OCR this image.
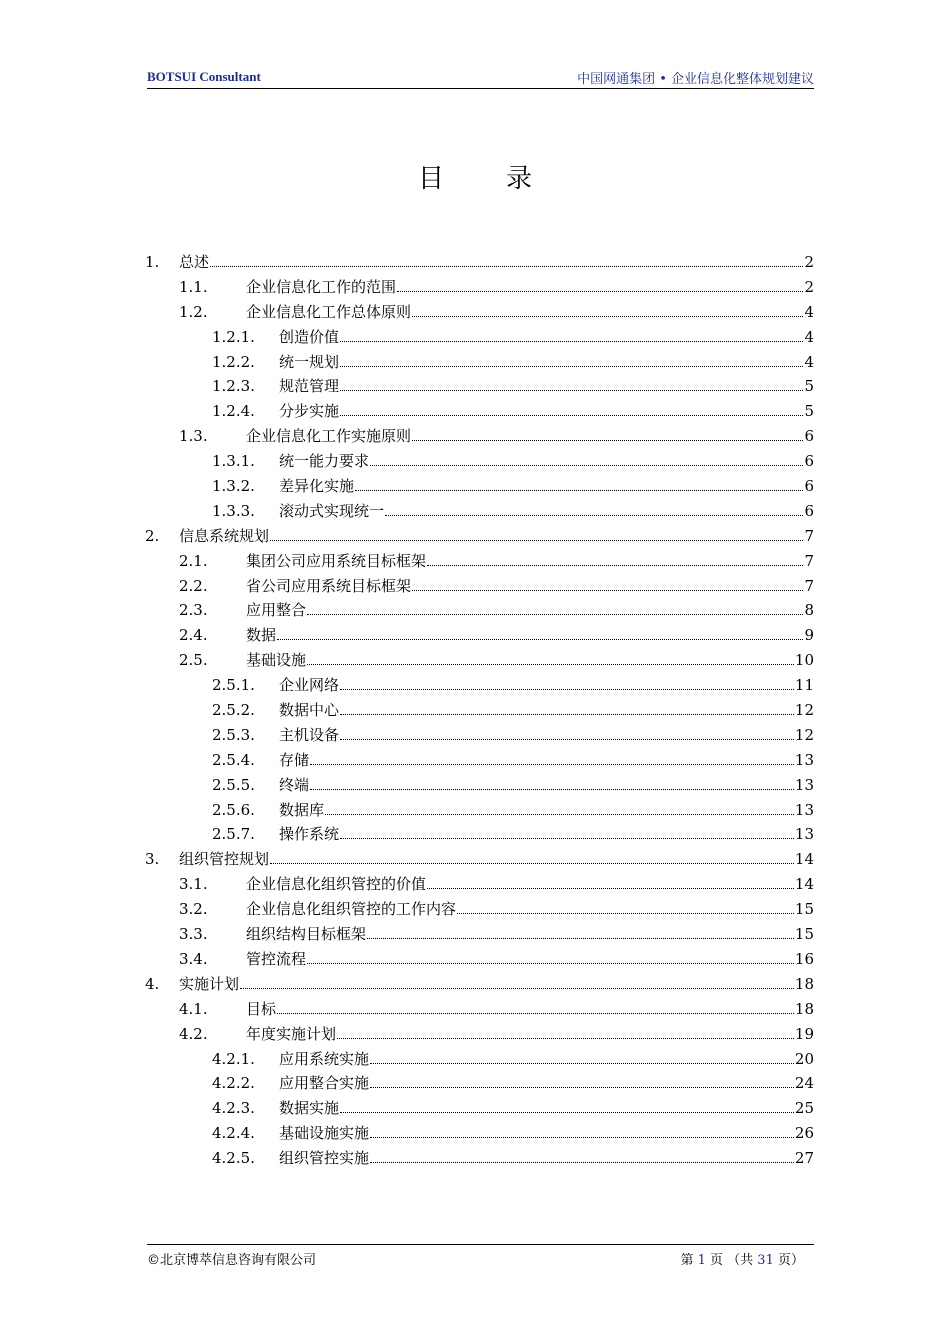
BOTSUI Consultant	中国网通集团 • 企业信息化整体规划建议
目录
1. 总述	2
1.1.	企业信息化工作的范围	2
1.2.	企业信息化工作总体原则	4
1.2.1. 创造价值	4
1.2.2. 统一规划	4
1.2.3. 规范管理	5
1.2.4. 分步实施	5
1.3.	企业信息化工作实施原则	6
1.3.1. 统一能力要求	6
1.3.2. 差异化实施	6
1.3.3. 滚动式实现统一	6
2. 信息系统规划	7
2.1.	集团公司应用系统目标框架	7
2.2.	省公司应用系统目标框架	7
2.3.	应用整合	8
2.4.	数据	9
2.5.	基础设施	10
2.5.1. 企业网络	11
2.5.2. 数据中心	12
2.5.3. 主机设备	12
2.5.4. 存储	13
2.5.5. 终端	13
2.5.6. 数据库	13
2.5.7. 操作系统	13
3. 组织管控规划	14
3.1.	企业信息化组织管控的价值	14
3.2.	企业信息化组织管控的工作内容	15
3.3.	组织结构目标框架	15
3.4.	管控流程	16
4. 实施计划	18
4.1.	目标	18
4.2.	年度实施计划	19
4.2.1. 应用系统实施	20
4.2.2. 应用整合实施	24
4.2.3. 数据实施	25
4.2.4. 基础设施实施	26
4.2.5. 组织管控实施	27
©北京博萃信息咨询有限公司	第 1 页 （共 31 页）
